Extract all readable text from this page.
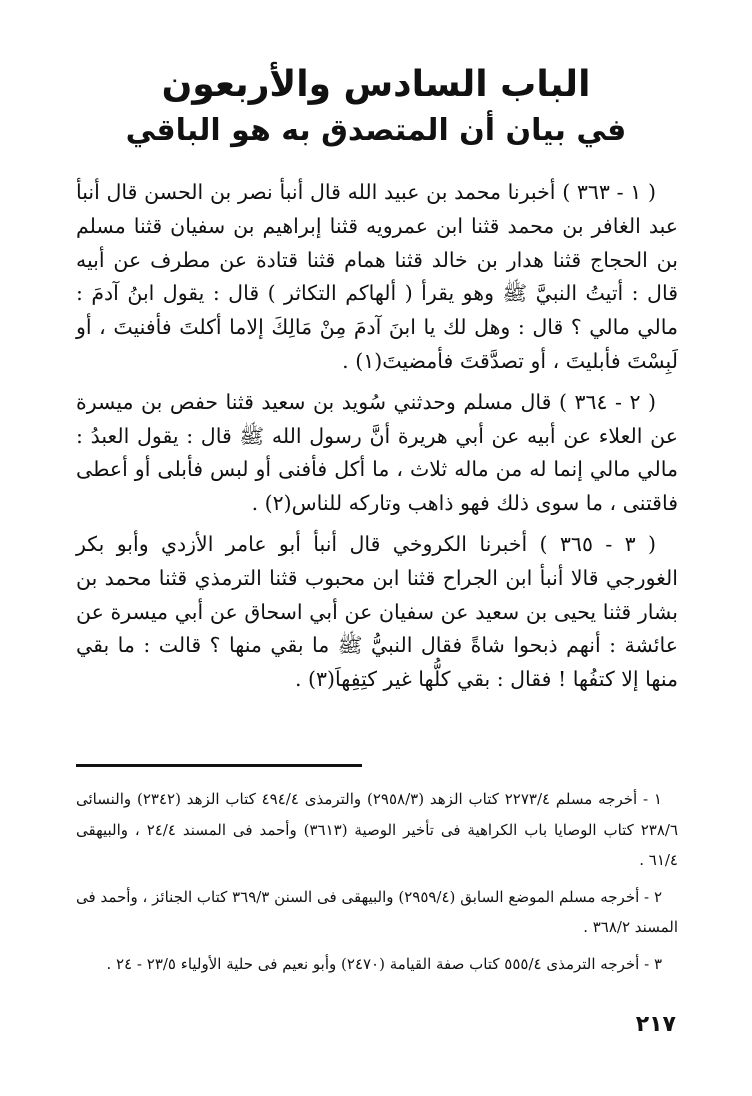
الباب السادس والأربعون
في بيان أن المتصدق به هو الباقي

( ١ - ٣٦٣ ) أخبرنا محمد بن عبيد الله قال أنبأ نصر بن الحسن قال أنبأ عبد الغافر بن محمد قثنا ابن عمرويه قثنا إبراهيم بن سفيان قثنا مسلم بن الحجاج قثنا هدار بن خالد قثنا همام قثنا قتادة عن مطرف عن أبيه قال : أتيتُ النبيَّ ﷺ وهو يقرأ ( ألهاكم التكاثر ) قال : يقول ابنُ آدمَ : مالي مالي ؟ قال : وهل لك يا ابنَ آدمَ مِنْ مَالِكَ إلاما أكلتَ فأفنيتَ ، أو لَبِسْتَ فأبليتَ ، أو تصدَّقتَ فأمضيتَ(١) .

( ٢ - ٣٦٤ ) قال مسلم وحدثني سُويد بن سعيد قثنا حفص بن ميسرة عن العلاء عن أبيه عن أبي هريرة أنَّ رسول الله ﷺ قال : يقول العبدُ : مالي مالي إنما له من ماله ثلاث ، ما أكل فأفنى أو لبس فأبلى أو أعطى فاقتنى ، ما سوى ذلك فهو ذاهب وتاركه للناس(٢) .

( ٣ - ٣٦٥ ) أخبرنا الكروخي قال أنبأ أبو عامر الأزدي وأبو بكر الغورجي قالا أنبأ ابن الجراح قثنا ابن محبوب قثنا الترمذي قثنا محمد بن بشار قثنا يحيى بن سعيد عن سفيان عن أبي اسحاق عن أبي ميسرة عن عائشة : أنهم ذبحوا شاةً فقال النبيُّ ﷺ ما بقي منها ؟ قالت : ما بقي منها إلا كتفُها ! فقال : بقي كلُّها غير كتِفِهاَ(٣) .

١ - أخرجه مسلم ٢٢٧٣/٤ كتاب الزهد (٢٩٥٨/٣) والترمذى ٤٩٤/٤ كتاب الزهد (٢٣٤٢) والنسائى ٢٣٨/٦ كتاب الوصايا باب الكراهية فى تأخير الوصية (٣٦١٣) وأحمد فى المسند ٢٤/٤ ، والبيهقى ٦١/٤ .

٢ - أخرجه مسلم الموضع السابق (٢٩٥٩/٤) والبيهقى فى السنن ٣٦٩/٣ كتاب الجنائز ، وأحمد فى المسند ٣٦٨/٢ .

٣ - أخرجه الترمذى ٥٥٥/٤ كتاب صفة القيامة (٢٤٧٠) وأبو نعيم فى حلية الأولياء ٢٣/٥ - ٢٤ .

٢١٧
